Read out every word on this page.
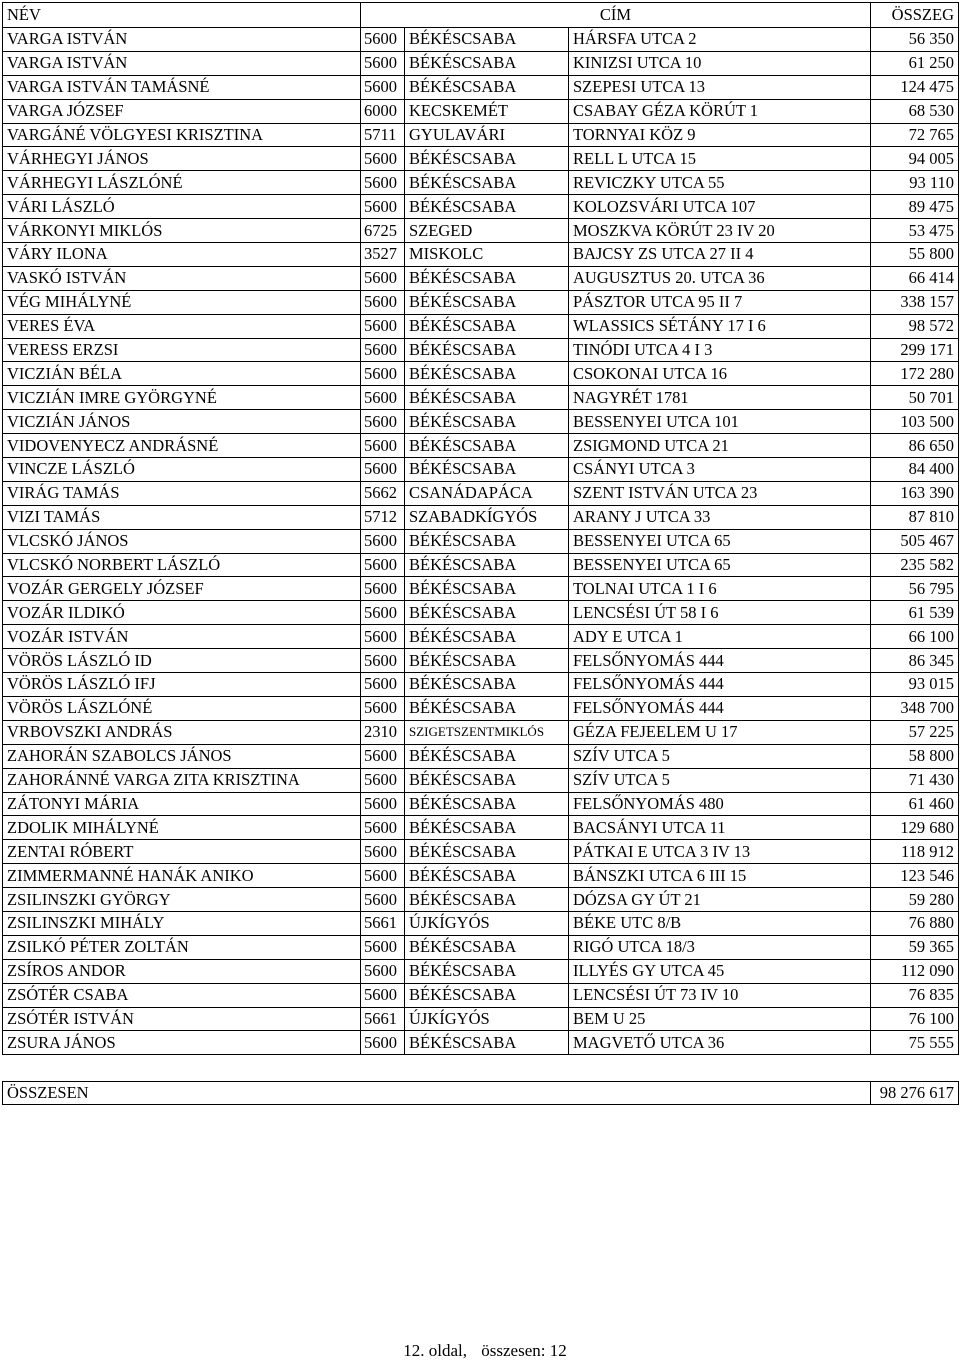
NÉV	CÍM			ÖSSZEG
VARGA ISTVÁN	5600	BÉKÉSCSABA	HÁRSFA UTCA 2	56 350
VARGA ISTVÁN	5600	BÉKÉSCSABA	KINIZSI UTCA 10	61 250
VARGA ISTVÁN TAMÁSNÉ	5600	BÉKÉSCSABA	SZEPESI UTCA 13	124 475
VARGA JÓZSEF	6000	KECSKEMÉT	CSABAY GÉZA KÖRÚT 1	68 530
VARGÁNÉ VÖLGYESI KRISZTINA	5711	GYULAVÁRI	TORNYAI KÖZ 9	72 765
VÁRHEGYI JÁNOS	5600	BÉKÉSCSABA	RELL L UTCA 15	94 005
VÁRHEGYI LÁSZLÓNÉ	5600	BÉKÉSCSABA	REVICZKY UTCA 55	93 110
VÁRI LÁSZLÓ	5600	BÉKÉSCSABA	KOLOZSVÁRI UTCA 107	89 475
VÁRKONYI MIKLÓS	6725	SZEGED	MOSZKVA KÖRÚT 23 IV 20	53 475
VÁRY ILONA	3527	MISKOLC	BAJCSY ZS UTCA 27 II 4	55 800
VASKÓ ISTVÁN	5600	BÉKÉSCSABA	AUGUSZTUS 20. UTCA 36	66 414
VÉG MIHÁLYNÉ	5600	BÉKÉSCSABA	PÁSZTOR UTCA 95 II 7	338 157
VERES ÉVA	5600	BÉKÉSCSABA	WLASSICS SÉTÁNY 17 I 6	98 572
VERESS ERZSI	5600	BÉKÉSCSABA	TINÓDI UTCA 4 I 3	299 171
VICZIÁN BÉLA	5600	BÉKÉSCSABA	CSOKONAI UTCA 16	172 280
VICZIÁN IMRE GYÖRGYNÉ	5600	BÉKÉSCSABA	NAGYRÉT 1781	50 701
VICZIÁN JÁNOS	5600	BÉKÉSCSABA	BESSENYEI UTCA 101	103 500
VIDOVENYECZ ANDRÁSNÉ	5600	BÉKÉSCSABA	ZSIGMOND UTCA 21	86 650
VINCZE LÁSZLÓ	5600	BÉKÉSCSABA	CSÁNYI UTCA 3	84 400
VIRÁG TAMÁS	5662	CSANÁDAPÁCA	SZENT ISTVÁN UTCA 23	163 390
VIZI TAMÁS	5712	SZABADKÍGYÓS	ARANY J UTCA 33	87 810
VLCSKÓ JÁNOS	5600	BÉKÉSCSABA	BESSENYEI UTCA 65	505 467
VLCSKÓ NORBERT LÁSZLÓ	5600	BÉKÉSCSABA	BESSENYEI UTCA 65	235 582
VOZÁR GERGELY JÓZSEF	5600	BÉKÉSCSABA	TOLNAI UTCA 1 I 6	56 795
VOZÁR ILDIKÓ	5600	BÉKÉSCSABA	LENCSÉSI ÚT 58 I 6	61 539
VOZÁR ISTVÁN	5600	BÉKÉSCSABA	ADY E UTCA 1	66 100
VÖRÖS LÁSZLÓ ID	5600	BÉKÉSCSABA	FELSŐNYOMÁS 444	86 345
VÖRÖS LÁSZLÓ IFJ	5600	BÉKÉSCSABA	FELSŐNYOMÁS 444	93 015
VÖRÖS LÁSZLÓNÉ	5600	BÉKÉSCSABA	FELSŐNYOMÁS 444	348 700
VRBOVSZKI ANDRÁS	2310	SZIGETSZENTMIKLÓS	GÉZA FEJEELEM U 17	57 225
ZAHORÁN SZABOLCS JÁNOS	5600	BÉKÉSCSABA	SZÍV UTCA 5	58 800
ZAHORÁNNÉ VARGA ZITA KRISZTINA	5600	BÉKÉSCSABA	SZÍV UTCA 5	71 430
ZÁTONYI MÁRIA	5600	BÉKÉSCSABA	FELSŐNYOMÁS 480	61 460
ZDOLIK MIHÁLYNÉ	5600	BÉKÉSCSABA	BACSÁNYI UTCA 11	129 680
ZENTAI RÓBERT	5600	BÉKÉSCSABA	PÁTKAI E UTCA 3 IV 13	118 912
ZIMMERMANNÉ HANÁK ANIKO	5600	BÉKÉSCSABA	BÁNSZKI UTCA 6 III 15	123 546
ZSILINSZKI GYÖRGY	5600	BÉKÉSCSABA	DÓZSA GY ÚT 21	59 280
ZSILINSZKI MIHÁLY	5661	ÚJKÍGYÓS	BÉKE UTC 8/B	76 880
ZSILKÓ PÉTER ZOLTÁN	5600	BÉKÉSCSABA	RIGÓ UTCA 18/3	59 365
ZSÍROS ANDOR	5600	BÉKÉSCSABA	ILLYÉS GY UTCA 45	112 090
ZSÓTÉR CSABA	5600	BÉKÉSCSABA	LENCSÉSI ÚT 73 IV 10	76 835
ZSÓTÉR ISTVÁN	5661	ÚJKÍGYÓS	BEM U 25	76 100
ZSURA JÁNOS	5600	BÉKÉSCSABA	MAGVETŐ UTCA 36	75 555
ÖSSZESEN	98 276 617
12. oldal, összesen: 12
